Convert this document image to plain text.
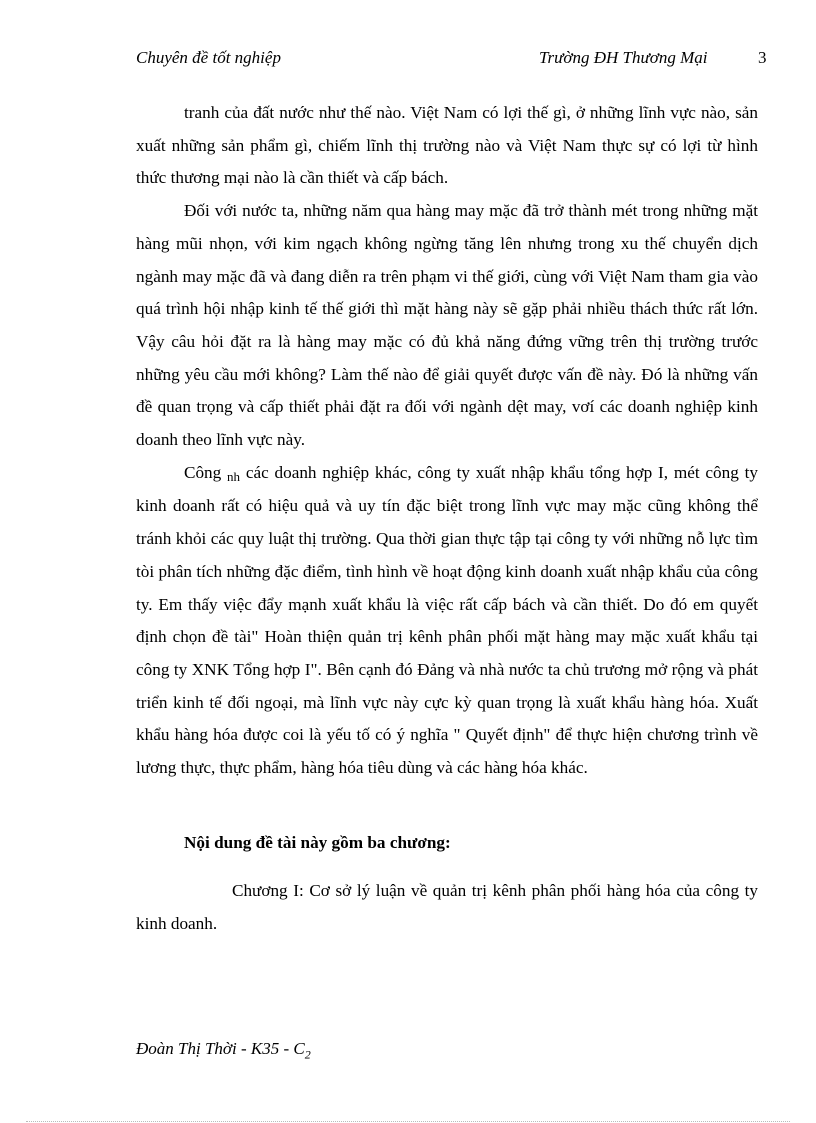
Chuyên đề tốt nghiệp	Trường ĐH Thương Mại	3

tranh của đất nước như thế nào. Việt Nam có lợi thế gì, ở những lĩnh vực nào, sản xuất những sản phẩm gì, chiếm lĩnh thị trường nào và Việt Nam thực sự có lợi từ hình thức thương mại nào là cần thiết và cấp bách.

Đối với nước ta, những năm qua hàng may mặc đã trở thành mét trong những mặt hàng mũi nhọn, với kim ngạch không ngừng tăng lên nhưng trong xu thế chuyển dịch ngành may mặc đã và đang diễn ra trên phạm vi thế giới, cùng với Việt Nam tham gia vào quá trình hội nhập kinh tế thế giới thì mặt hàng này sẽ gặp phải nhiều thách thức rất lớn. Vậy câu hỏi đặt ra là hàng may mặc có đủ khả năng đứng vững trên thị trường trước những yêu cầu mới không? Làm thế nào để giải quyết được vấn đề này. Đó là những vấn đề quan trọng và cấp thiết phải đặt ra đối với ngành dệt may, vơí các doanh nghiệp kinh doanh theo lĩnh vực này.

Công nh các doanh nghiệp khác, công ty xuất nhập khẩu tổng hợp I, mét công ty kinh doanh rất có hiệu quả và uy tín đặc biệt trong lĩnh vực may mặc cũng không thể tránh khỏi các quy luật thị trường. Qua thời gian thực tập tại công ty với những nỗ lực tìm tòi phân tích những đặc điểm, tình hình về hoạt động kinh doanh xuất nhập khẩu của công ty. Em thấy việc đẩy mạnh xuất khẩu là việc rất cấp bách và cần thiết. Do đó em quyết định chọn đề tài" Hoàn thiện quản trị kênh phân phối mặt hàng may mặc xuất khẩu tại công ty XNK Tổng hợp I". Bên cạnh đó Đảng và nhà nước ta chủ trương mở rộng và phát triển kinh tế đối ngoại, mà lĩnh vực này cực kỳ quan trọng là xuất khẩu hàng hóa. Xuất khẩu hàng hóa được coi là yếu tố có ý nghĩa " Quyết định" để thực hiện chương trình về lương thực, thực phẩm, hàng hóa tiêu dùng và các hàng hóa khác.

Nội dung đề tài này gồm ba chương:

Chương I: Cơ sở lý luận về quản trị kênh phân phối hàng hóa của công ty kinh doanh.

Đoàn Thị Thời - $K35 - C_2$
